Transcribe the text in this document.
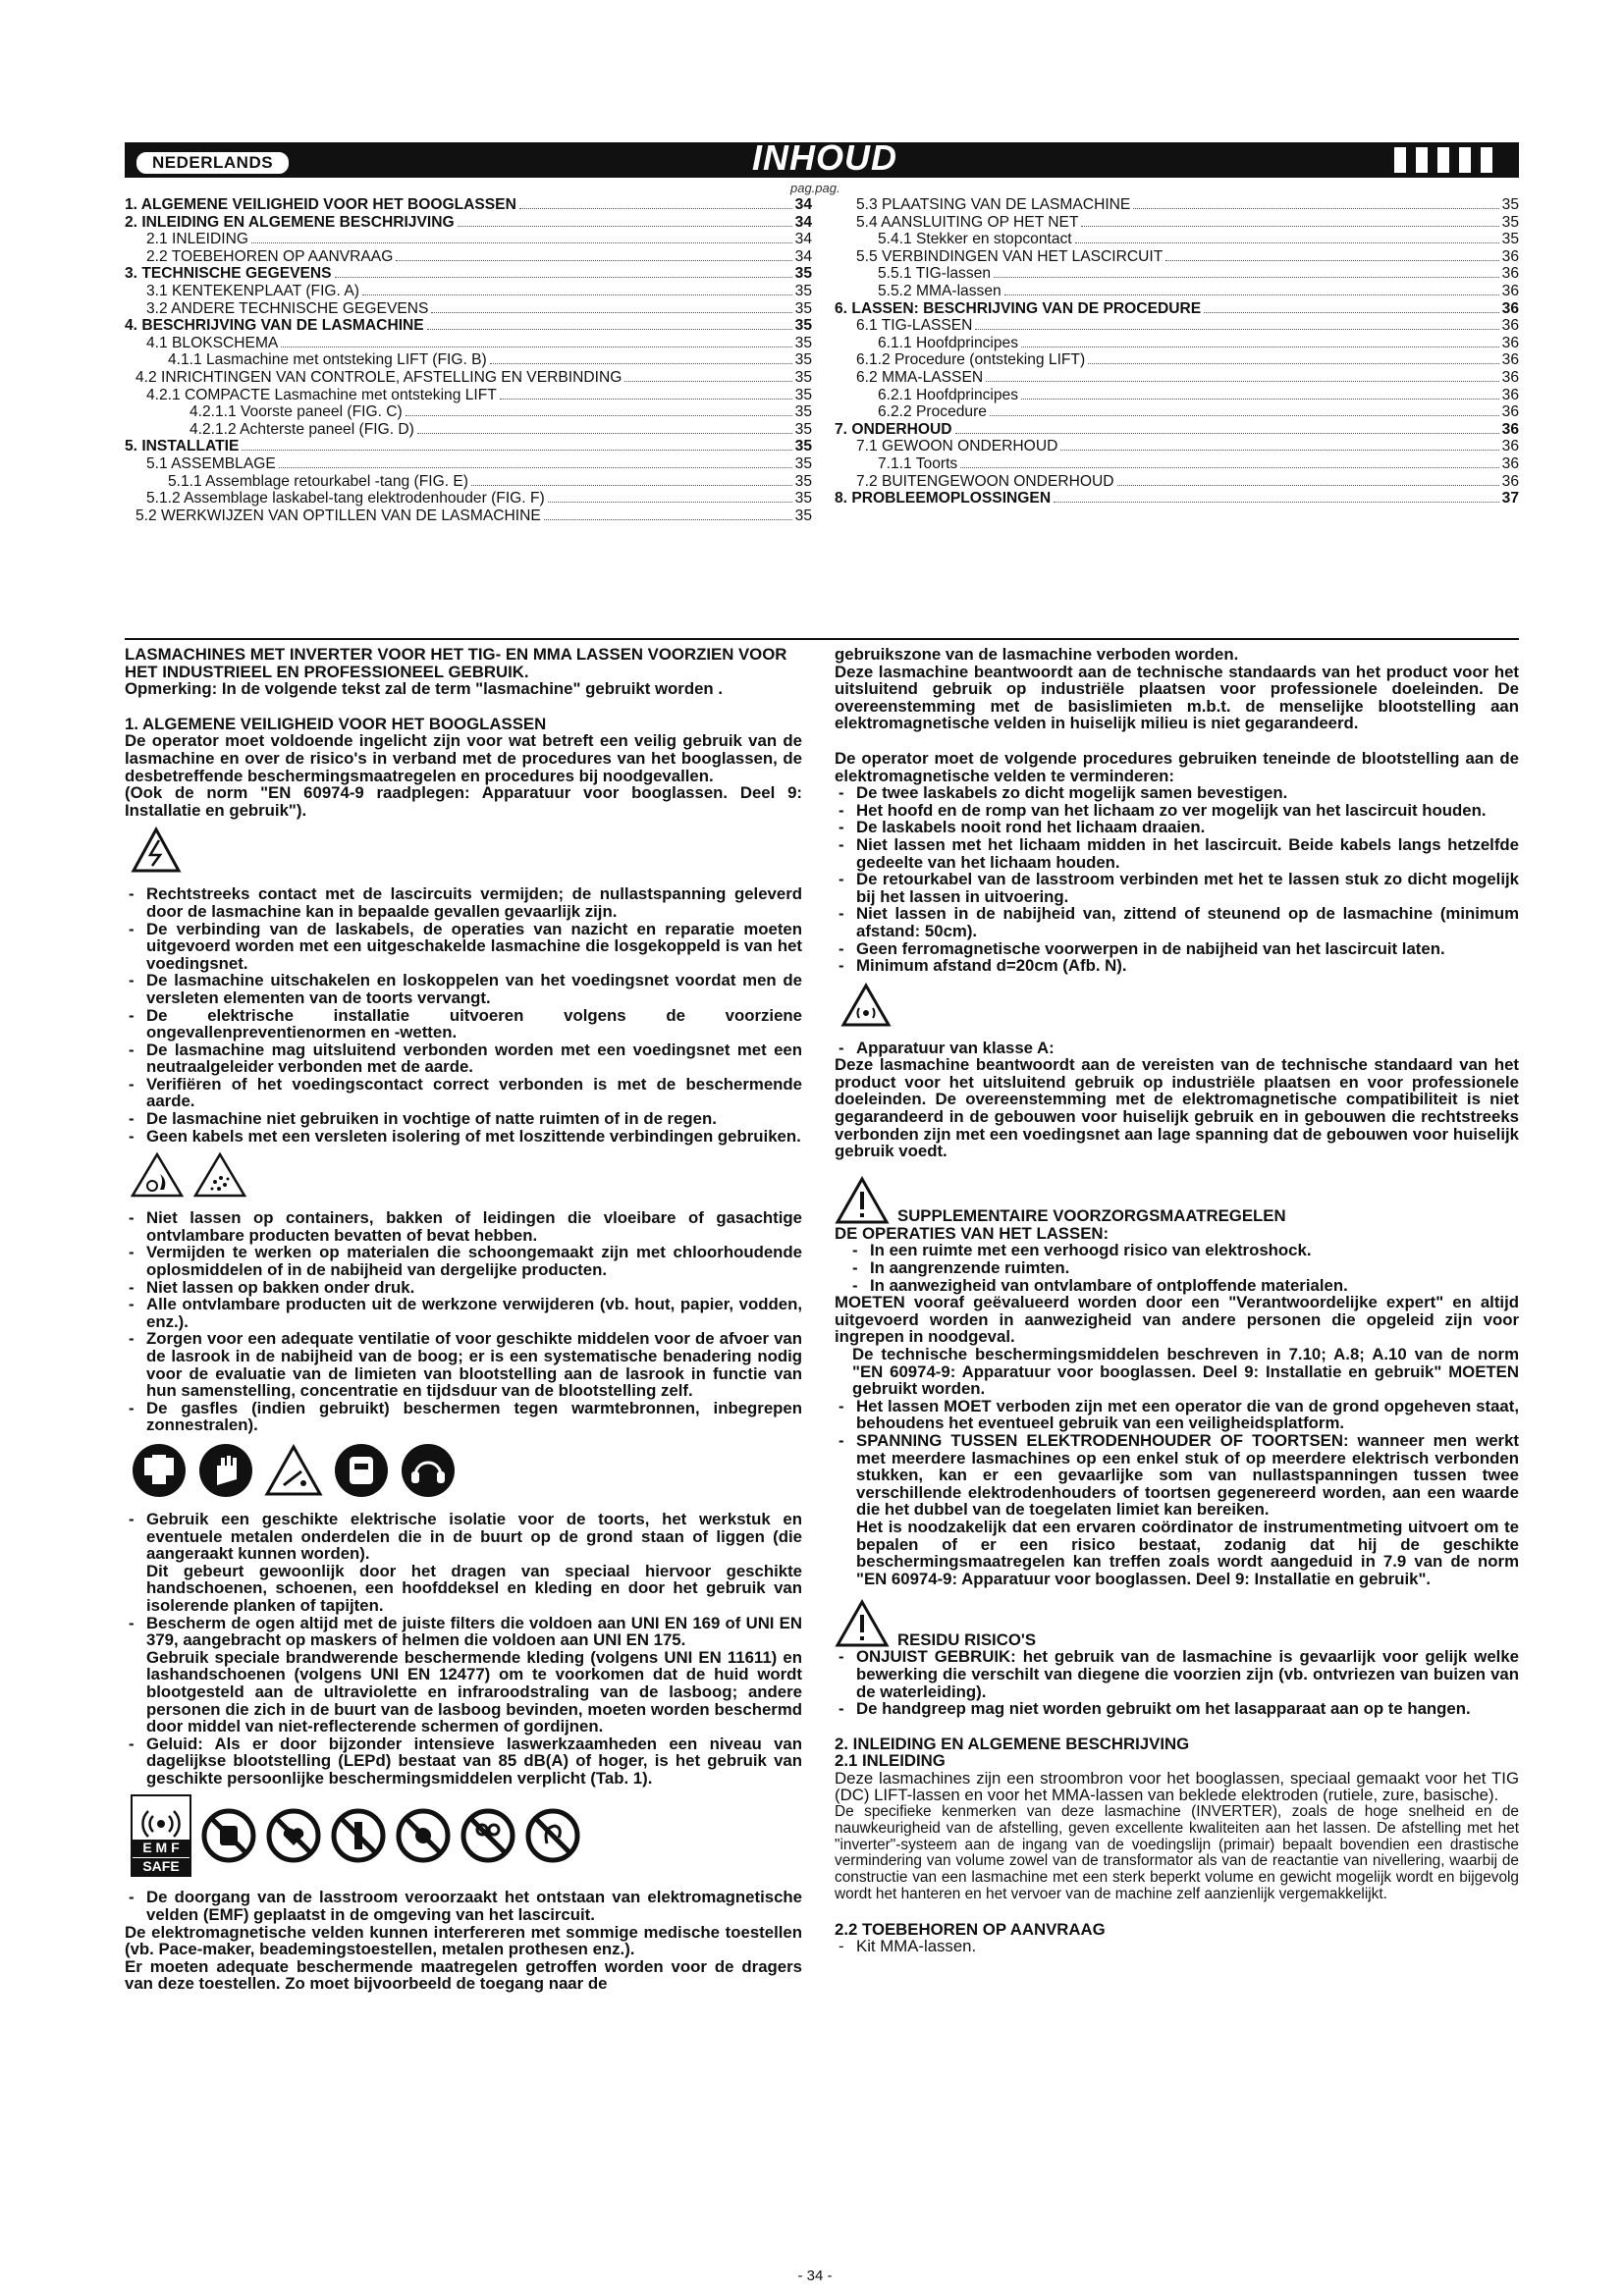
NEDERLANDS	INHOUD
pag.pag.
1. ALGEMENE VEILIGHEID VOOR HET BOOGLASSEN	34
2. INLEIDING EN ALGEMENE BESCHRIJVING	34
2.1 INLEIDING	34
2.2 TOEBEHOREN OP AANVRAAG	34
3. TECHNISCHE GEGEVENS	35
3.1 KENTEKENPLAAT (FIG. A)	35
3.2 ANDERE TECHNISCHE GEGEVENS	35
4. BESCHRIJVING VAN DE LASMACHINE	35
4.1 BLOKSCHEMA	35
4.1.1 Lasmachine met ontsteking LIFT (FIG. B)	35
4.2 INRICHTINGEN VAN CONTROLE, AFSTELLING EN VERBINDING	35
4.2.1 COMPACTE Lasmachine met ontsteking LIFT	35
4.2.1.1 Voorste paneel (FIG. C)	35
4.2.1.2 Achterste paneel (FIG. D)	35
5. INSTALLATIE	35
5.1 ASSEMBLAGE	35
5.1.1 Assemblage retourkabel -tang (FIG. E)	35
5.1.2 Assemblage laskabel-tang elektrodenhouder (FIG. F)	35
5.2 WERKWIJZEN VAN OPTILLEN VAN DE LASMACHINE	35
5.3 PLAATSING VAN DE LASMACHINE	35
5.4 AANSLUITING OP HET NET	35
5.4.1 Stekker en stopcontact	35
5.5 VERBINDINGEN VAN HET LASCIRCUIT	36
5.5.1 TIG-lassen	36
5.5.2 MMA-lassen	36
6. LASSEN: BESCHRIJVING VAN DE PROCEDURE	36
6.1 TIG-LASSEN	36
6.1.1 Hoofdprincipes	36
6.1.2 Procedure (ontsteking LIFT)	36
6.2 MMA-LASSEN	36
6.2.1 Hoofdprincipes	36
6.2.2 Procedure	36
7. ONDERHOUD	36
7.1 GEWOON ONDERHOUD	36
7.1.1 Toorts	36
7.2 BUITENGEWOON ONDERHOUD	36
8. PROBLEEMOPLOSSINGEN	37

LASMACHINES MET INVERTER VOOR HET TIG- EN MMA LASSEN VOORZIEN VOOR HET INDUSTRIEEL EN PROFESSIONEEL GEBRUIK.

Opmerking: In de volgende tekst zal de term "lasmachine" gebruikt worden .

1. ALGEMENE VEILIGHEID VOOR HET BOOGLASSEN

De operator moet voldoende ingelicht zijn voor wat betreft een veilig gebruik van de lasmachine en over de risico's in verband met de procedures van het booglassen, de desbetreffende beschermingsmaatregelen en procedures bij noodgevallen.

(Ook de norm "EN 60974-9 raadplegen: Apparatuur voor booglassen. Deel 9: Installatie en gebruik").

- Rechtstreeks contact met de lascircuits vermijden; de nullastspanning geleverd door de lasmachine kan in bepaalde gevallen gevaarlijk zijn.
- De verbinding van de laskabels, de operaties van nazicht en reparatie moeten uitgevoerd worden met een uitgeschakelde lasmachine die losgekoppeld is van het voedingsnet.
- De lasmachine uitschakelen en loskoppelen van het voedingsnet voordat men de versleten elementen van de toorts vervangt.
- De elektrische installatie uitvoeren volgens de voorziene ongevallenpreventienormen en -wetten.
- De lasmachine mag uitsluitend verbonden worden met een voedingsnet met een neutraalgeleider verbonden met de aarde.
- Verifiëren of het voedingscontact correct verbonden is met de beschermende aarde.
- De lasmachine niet gebruiken in vochtige of natte ruimten of in de regen.
- Geen kabels met een versleten isolering of met loszittende verbindingen gebruiken.
- Niet lassen op containers, bakken of leidingen die vloeibare of gasachtige ontvlambare producten bevatten of bevat hebben.
- Vermijden te werken op materialen die schoongemaakt zijn met chloorhoudende oplosmiddelen of in de nabijheid van dergelijke producten.
- Niet lassen op bakken onder druk.
- Alle ontvlambare producten uit de werkzone verwijderen (vb. hout, papier, vodden, enz.).
- Zorgen voor een adequate ventilatie of voor geschikte middelen voor de afvoer van de lasrook in de nabijheid van de boog; er is een systematische benadering nodig voor de evaluatie van de limieten van blootstelling aan de lasrook in functie van hun samenstelling, concentratie en tijdsduur van de blootstelling zelf.
- De gasfles (indien gebruikt) beschermen tegen warmtebronnen, inbegrepen zonnestralen).
- Gebruik een geschikte elektrische isolatie voor de toorts, het werkstuk en eventuele metalen onderdelen die in de buurt op de grond staan of liggen (die aangeraakt kunnen worden).
Dit gebeurt gewoonlijk door het dragen van speciaal hiervoor geschikte handschoenen, schoenen, een hoofddeksel en kleding en door het gebruik van isolerende planken of tapijten.
- Bescherm de ogen altijd met de juiste filters die voldoen aan UNI EN 169 of UNI EN 379, aangebracht op maskers of helmen die voldoen aan UNI EN 175.
Gebruik speciale brandwerende beschermende kleding (volgens UNI EN 11611) en lashandschoenen (volgens UNI EN 12477) om te voorkomen dat de huid wordt blootgesteld aan de ultraviolette en infraroodstraling van de lasboog; andere personen die zich in de buurt van de lasboog bevinden, moeten worden beschermd door middel van niet-reflecterende schermen of gordijnen.
- Geluid: Als er door bijzonder intensieve laswerkzaamheden een niveau van dagelijkse blootstelling (LEPd) bestaat van 85 dB(A) of hoger, is het gebruik van geschikte persoonlijke beschermingsmiddelen verplicht (Tab. 1).
E M F
SAFE
- De doorgang van de lasstroom veroorzaakt het ontstaan van elektromagnetische velden (EMF) geplaatst in de omgeving van het lascircuit.

De elektromagnetische velden kunnen interfereren met sommige medische toestellen (vb. Pace-maker, beademingstoestellen, metalen prothesen enz.).

Er moeten adequate beschermende maatregelen getroffen worden voor de dragers van deze toestellen. Zo moet bijvoorbeeld de toegang naar de

gebruikszone van de lasmachine verboden worden.

Deze lasmachine beantwoordt aan de technische standaards van het product voor het uitsluitend gebruik op industriële plaatsen voor professionele doeleinden. De overeenstemming met de basislimieten m.b.t. de menselijke blootstelling aan elektromagnetische velden in huiselijk milieu is niet gegarandeerd.

De operator moet de volgende procedures gebruiken teneinde de blootstelling aan de elektromagnetische velden te verminderen:

- De twee laskabels zo dicht mogelijk samen bevestigen.
- Het hoofd en de romp van het lichaam zo ver mogelijk van het lascircuit houden.
- De laskabels nooit rond het lichaam draaien.
- Niet lassen met het lichaam midden in het lascircuit. Beide kabels langs hetzelfde gedeelte van het lichaam houden.
- De retourkabel van de lasstroom verbinden met het te lassen stuk zo dicht mogelijk bij het lassen in uitvoering.
- Niet lassen in de nabijheid van, zittend of steunend op de lasmachine (minimum afstand: 50cm).
- Geen ferromagnetische voorwerpen in de nabijheid van het lascircuit laten.
- Minimum afstand d=20cm (Afb. N).
- Apparatuur van klasse A:

Deze lasmachine beantwoordt aan de vereisten van de technische standaard van het product voor het uitsluitend gebruik op industriële plaatsen en voor professionele doeleinden. De overeenstemming met de elektromagnetische compatibiliteit is niet gegarandeerd in de gebouwen voor huiselijk gebruik en in gebouwen die rechtstreeks verbonden zijn met een voedingsnet aan lage spanning dat de gebouwen voor huiselijk gebruik voedt.

SUPPLEMENTAIRE VOORZORGSMAATREGELEN

DE OPERATIES VAN HET LASSEN:

- In een ruimte met een verhoogd risico van elektroshock.
- In aangrenzende ruimten.
- In aanwezigheid van ontvlambare of ontploffende materialen.

MOETEN vooraf geëvalueerd worden door een "Verantwoordelijke expert" en altijd uitgevoerd worden in aanwezigheid van andere personen die opgeleid zijn voor ingrepen in noodgeval.

De technische beschermingsmiddelen beschreven in 7.10; A.8; A.10 van de norm "EN 60974-9: Apparatuur voor booglassen. Deel 9: Installatie en gebruik" MOETEN gebruikt worden.

- Het lassen MOET verboden zijn met een operator die van de grond opgeheven staat, behoudens het eventueel gebruik van een veiligheidsplatform.
- SPANNING TUSSEN ELEKTRODENHOUDER OF TOORTSEN: wanneer men werkt met meerdere lasmachines op een enkel stuk of op meerdere elektrisch verbonden stukken, kan er een gevaarlijke som van nullastspanningen tussen twee verschillende elektrodenhouders of toortsen gegenereerd worden, aan een waarde die het dubbel van de toegelaten limiet kan bereiken.
Het is noodzakelijk dat een ervaren coördinator de instrumentmeting uitvoert om te bepalen of er een risico bestaat, zodanig dat hij de geschikte beschermingsmaatregelen kan treffen zoals wordt aangeduid in 7.9 van de norm "EN 60974-9: Apparatuur voor booglassen. Deel 9: Installatie en gebruik".
RESIDU RISICO'S
- ONJUIST GEBRUIK: het gebruik van de lasmachine is gevaarlijk voor gelijk welke bewerking die verschilt van diegene die voorzien zijn (vb. ontvriezen van buizen van de waterleiding).
- De handgreep mag niet worden gebruikt om het lasapparaat aan op te hangen.

2. INLEIDING EN ALGEMENE BESCHRIJVING

2.1 INLEIDING

Deze lasmachines zijn een stroombron voor het booglassen, speciaal gemaakt voor het TIG (DC) LIFT-lassen en voor het MMA-lassen van beklede elektroden (rutiele, zure, basische).

De specifieke kenmerken van deze lasmachine (INVERTER), zoals de hoge snelheid en de nauwkeurigheid van de afstelling, geven excellente kwaliteiten aan het lassen. De afstelling met het "inverter"-systeem aan de ingang van de voedingslijn (primair) bepaalt bovendien een drastische vermindering van volume zowel van de transformator als van de reactantie van nivellering, waarbij de constructie van een lasmachine met een sterk beperkt volume en gewicht mogelijk wordt en bijgevolg wordt het hanteren en het vervoer van de machine zelf aanzienlijk vergemakkelijkt.

2.2 TOEBEHOREN OP AANVRAAG

- Kit MMA-lassen.
- 34 -
